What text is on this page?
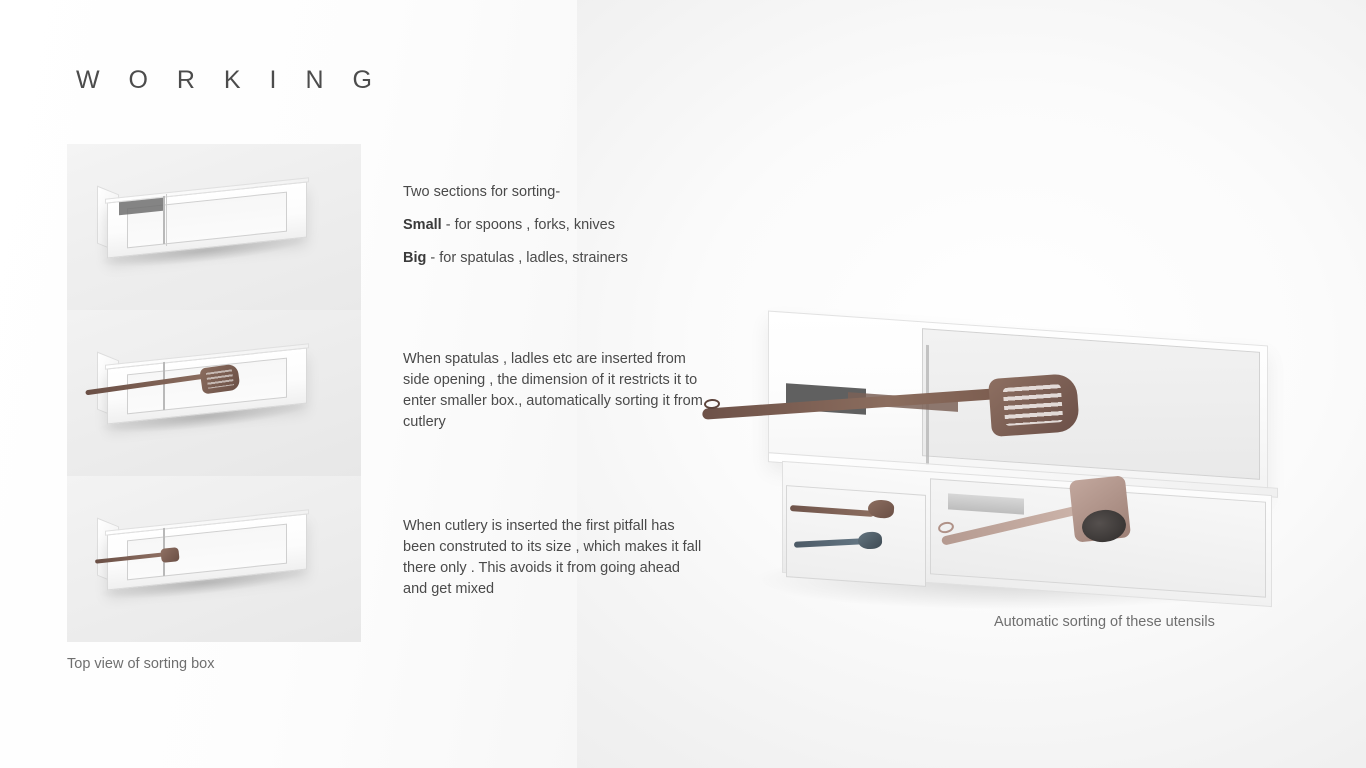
W O R K I N G
Top view of sorting box
Two sections for sorting-
Small - for spoons , forks, knives
Big - for spatulas , ladles, strainers
When spatulas , ladles etc are inserted from side opening , the dimension of it restricts it to enter smaller box., automatically sorting it from cutlery
When cutlery is inserted the first pitfall has been construted to its size , which makes it fall there only . This avoids it from going ahead and get mixed
Automatic sorting of these utensils
